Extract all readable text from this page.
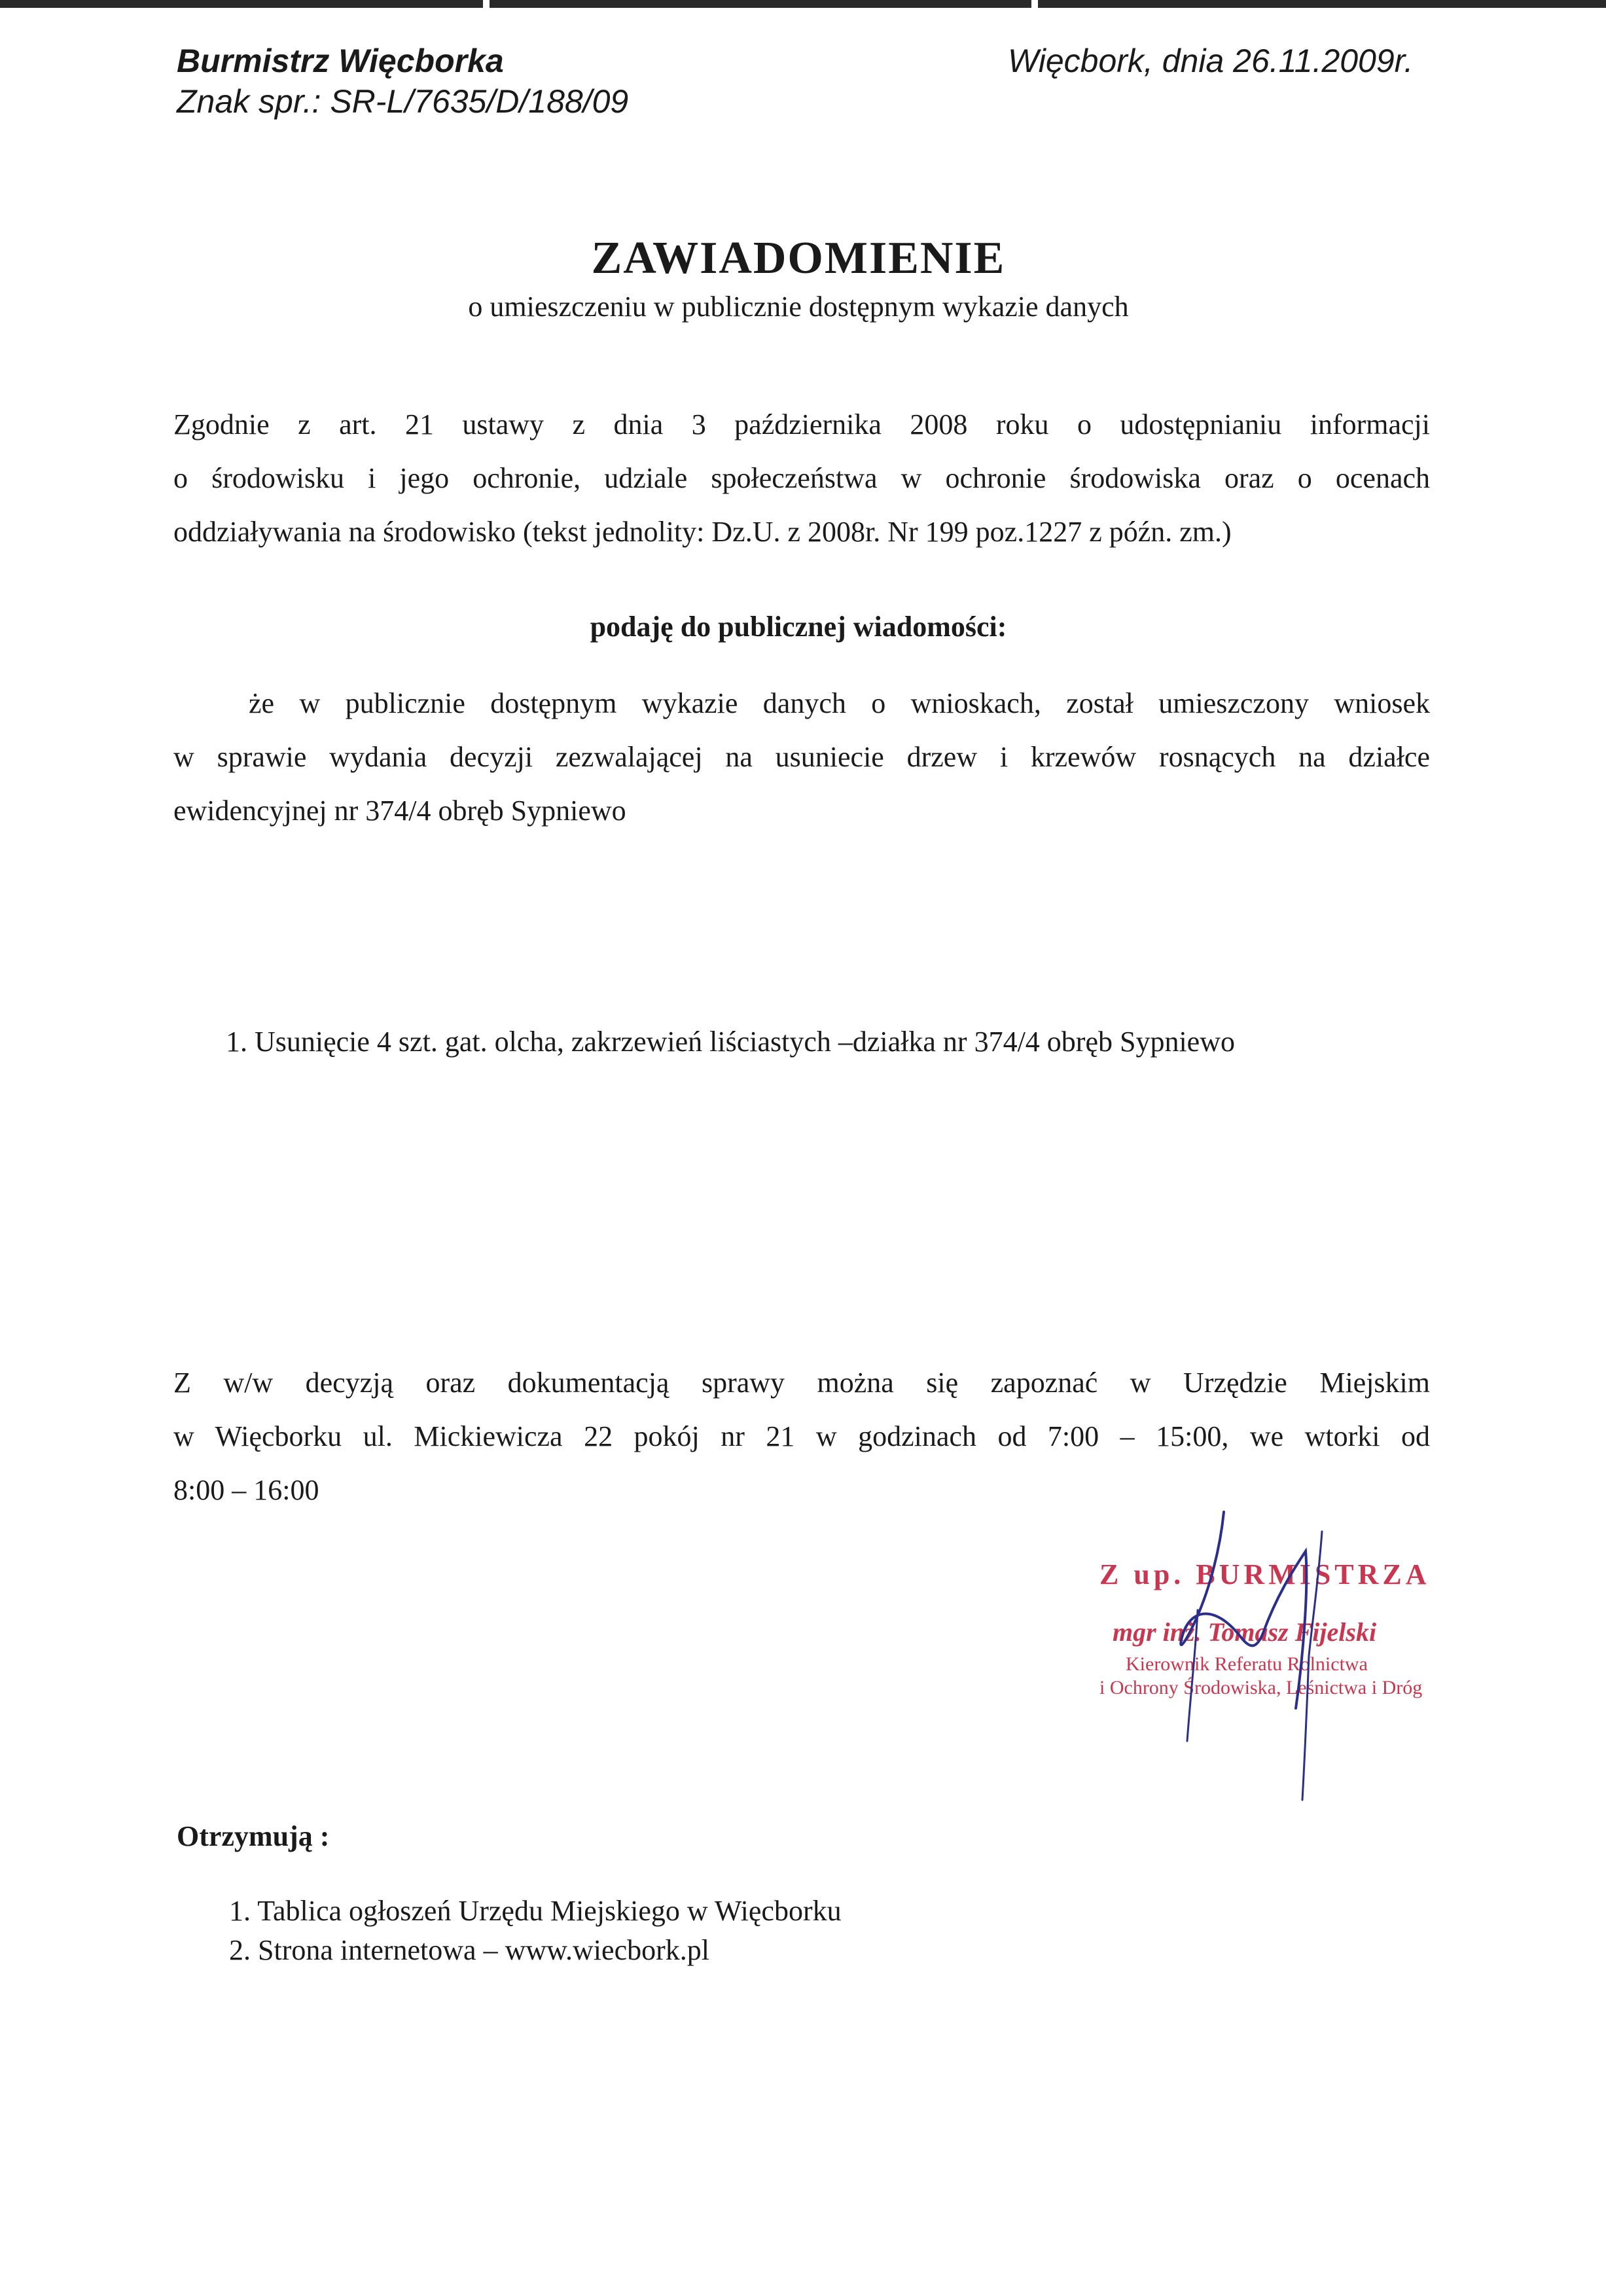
Burmistrz Więcborka
Znak spr.: SR-L/7635/D/188/09
Więcbork, dnia 26.11.2009r.
ZAWIADOMIENIE
o umieszczeniu w publicznie dostępnym wykazie danych
Zgodnie z art. 21 ustawy z dnia 3 października 2008 roku o udostępnianiu informacji
o środowisku i jego ochronie, udziale społeczeństwa w ochronie środowiska oraz o ocenach
oddziaływania na środowisko (tekst jednolity: Dz.U. z 2008r. Nr 199 poz.1227 z późn. zm.)
podaję do publicznej wiadomości:
że w publicznie dostępnym wykazie danych o wnioskach, został umieszczony wniosek
w sprawie wydania decyzji zezwalającej na usuniecie drzew i krzewów rosnących na działce
ewidencyjnej nr 374/4 obręb Sypniewo
1. Usunięcie 4 szt. gat. olcha, zakrzewień liściastych –działka nr 374/4 obręb Sypniewo
Z w/w decyzją oraz dokumentacją sprawy można się zapoznać w Urzędzie Miejskim
w Więcborku ul. Mickiewicza 22 pokój nr 21 w godzinach od 7:00 – 15:00, we wtorki od
8:00 – 16:00
Z up. BURMISTRZA
mgr inż. Tomasz Fijelski
Kierownik Referatu Rolnictwa
i Ochrony Środowiska, Leśnictwa i Dróg
Otrzymują :
1. Tablica ogłoszeń Urzędu Miejskiego w Więcborku
2. Strona internetowa – www.wiecbork.pl
